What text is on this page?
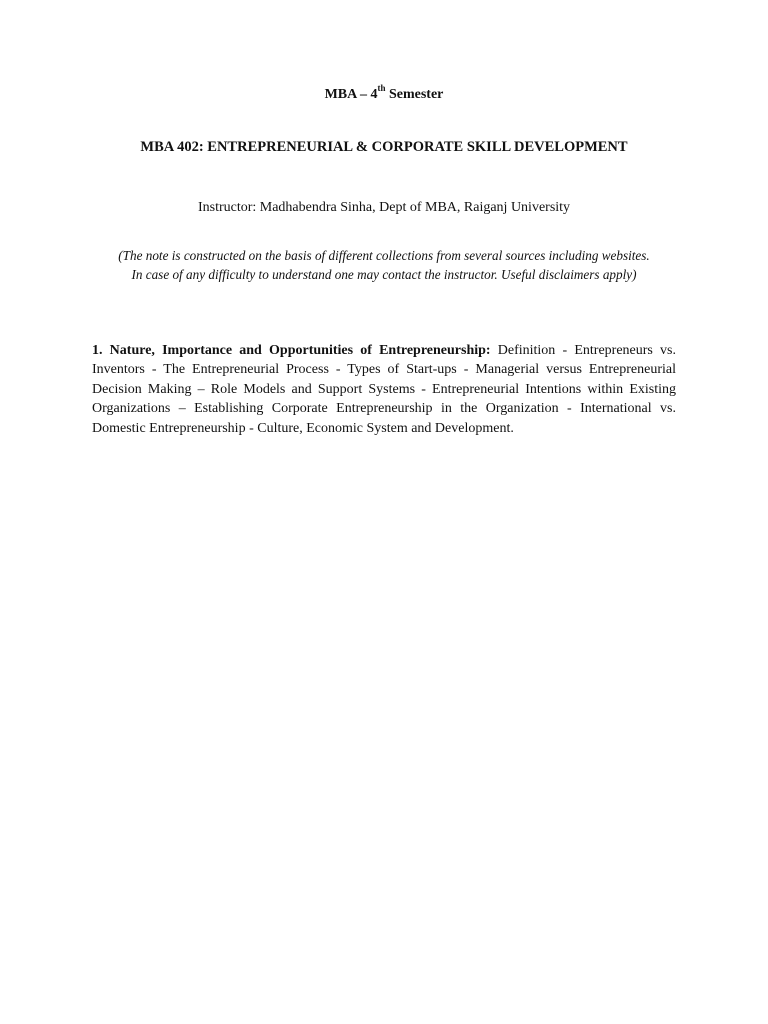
MBA – 4th Semester
MBA 402: ENTREPRENEURIAL & CORPORATE SKILL DEVELOPMENT
Instructor: Madhabendra Sinha, Dept of MBA, Raiganj University
(The note is constructed on the basis of different collections from several sources including websites.
In case of any difficulty to understand one may contact the instructor. Useful disclaimers apply)
1. Nature, Importance and Opportunities of Entrepreneurship: Definition - Entrepreneurs vs. Inventors - The Entrepreneurial Process - Types of Start-ups - Managerial versus Entrepreneurial Decision Making – Role Models and Support Systems - Entrepreneurial Intentions within Existing Organizations – Establishing Corporate Entrepreneurship in the Organization - International vs. Domestic Entrepreneurship - Culture, Economic System and Development.
